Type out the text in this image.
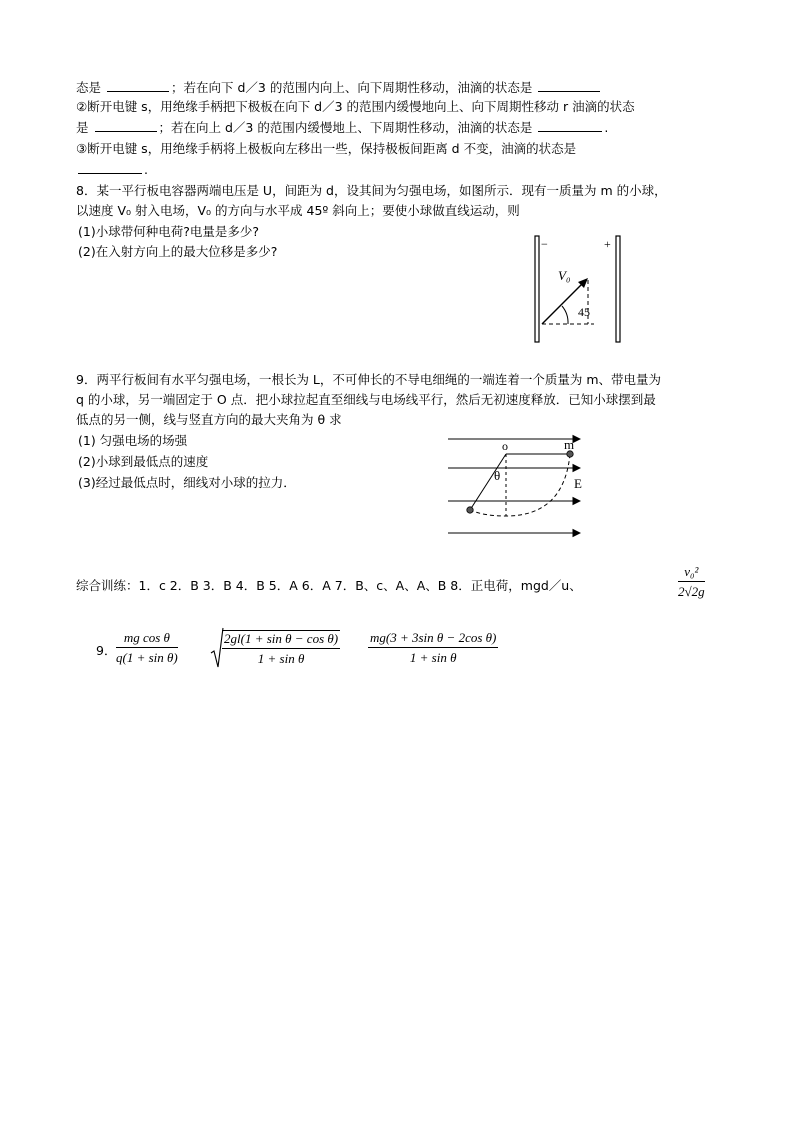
态是	；若在向下 d／3 的范围内向上、向下周期性移动，油滴的状态是
②断开电键 s，用绝缘手柄把下极板在向下 d／3 的范围内缓慢地向上、向下周期性移动 r 油滴的状态
是	；若在向上 d／3 的范围内缓慢地上、下周期性移动，油滴的状态是	.
③断开电键 s，用绝缘手柄将上极板向左移出一些，保持极板间距离 d 不变，油滴的状态是
.
8．某一平行板电容器两端电压是 U，间距为 d，设其间为匀强电场，如图所示．现有一质量为 m 的小球，
以速度 V₀ 射入电场，V₀ 的方向与水平成 45º 斜向上；要使小球做直线运动，则
(1)小球带何种电荷?电量是多少?
(2)在入射方向上的最大位移是多少?	−	+
V₀
45
9．两平行板间有水平匀强电场，一根长为 L，不可伸长的不导电细绳的一端连着一个质量为 m、带电量为
q 的小球，另一端固定于 O 点．把小球拉起直至细线与电场线平行，然后无初速度释放．已知小球摆到最
低点的另一侧，线与竖直方向的最大夹角为 θ 求
(1) 匀强电场的场强
(2)小球到最低点的速度
(3)经过最低点时，细线对小球的拉力．
o	m
θ
E
综合训练：1．c 2．B 3．B 4．B 5．A 6．A 7．B、c、A、A、B 8．正电荷，mgd／u、	$\frac{\text{v₀²}}{2√2g}$
9． $\frac{\text{mg cos θ}}{\text{q(1 + sin θ)}}$	$\frac{\text{2gl(1 + sin θ − cos θ)}}{\text{1 + sin θ}} \frac{\text{mg(3 + 3sin θ − 2cos θ)}}{\text{1 + sin θ}}$
